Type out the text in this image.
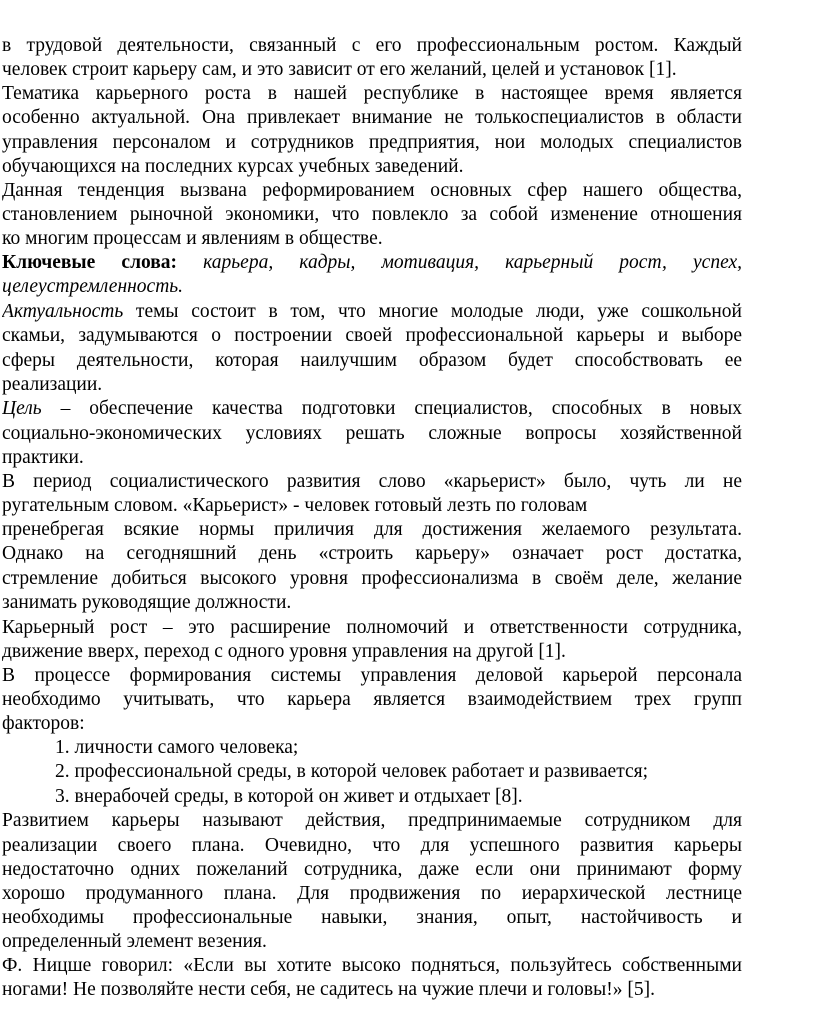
в трудовой деятельности, связанный с его профессиональным ростом. Каждый
человек строит карьеру сам, и это зависит от его желаний, целей и установок [1].
Тематика карьерного роста в нашей республике в настоящее время является
особенно актуальной. Она привлекает внимание не толькоспециалистов в области
управления персоналом и сотрудников предприятия, нои молодых специалистов
обучающихся на последних курсах учебных заведений.
Данная тенденция вызвана реформированием основных сфер нашего общества,
становлением рыночной экономики, что повлекло за собой изменение отношения
ко многим процессам и явлениям в обществе.
Ключевые слова: карьера, кадры, мотивация, карьерный рост, успех,
целеустремленность.
Актуальность темы состоит в том, что многие молодые люди, уже сошкольной
скамьи, задумываются о построении своей профессиональной карьеры и выборе
сферы деятельности, которая наилучшим образом будет способствовать ее
реализации.
Цель – обеспечение качества подготовки специалистов, способных в новых
социально-экономических условиях решать сложные вопросы хозяйственной
практики.
В период социалистического развития слово «карьерист» было, чуть ли не
ругательным словом. «Карьерист» - человек готовый лезть по головам
пренебрегая всякие нормы приличия для достижения желаемого результата.
Однако на сегодняшний день «строить карьеру» означает рост достатка,
стремление добиться высокого уровня профессионализма в своём деле, желание
занимать руководящие должности.
Карьерный рост – это расширение полномочий и ответственности сотрудника,
движение вверх, переход с одного уровня управления на другой [1].
В процессе формирования системы управления деловой карьерой персонала
необходимо учитывать, что карьера является взаимодействием трех групп
факторов:
1. личности самого человека;
2. профессиональной среды, в которой человек работает и развивается;
3. внерабочей среды, в которой он живет и отдыхает [8].
Развитием карьеры называют действия, предпринимаемые сотрудником для
реализации своего плана. Очевидно, что для успешного развития карьеры
недостаточно одних пожеланий сотрудника, даже если они принимают форму
хорошо продуманного плана. Для продвижения по иерархической лестнице
необходимы профессиональные навыки, знания, опыт, настойчивость и
определенный элемент везения.
Ф. Ницше говорил: «Если вы хотите высоко подняться, пользуйтесь собственными
ногами! Не позволяйте нести себя, не садитесь на чужие плечи и головы!» [5].
